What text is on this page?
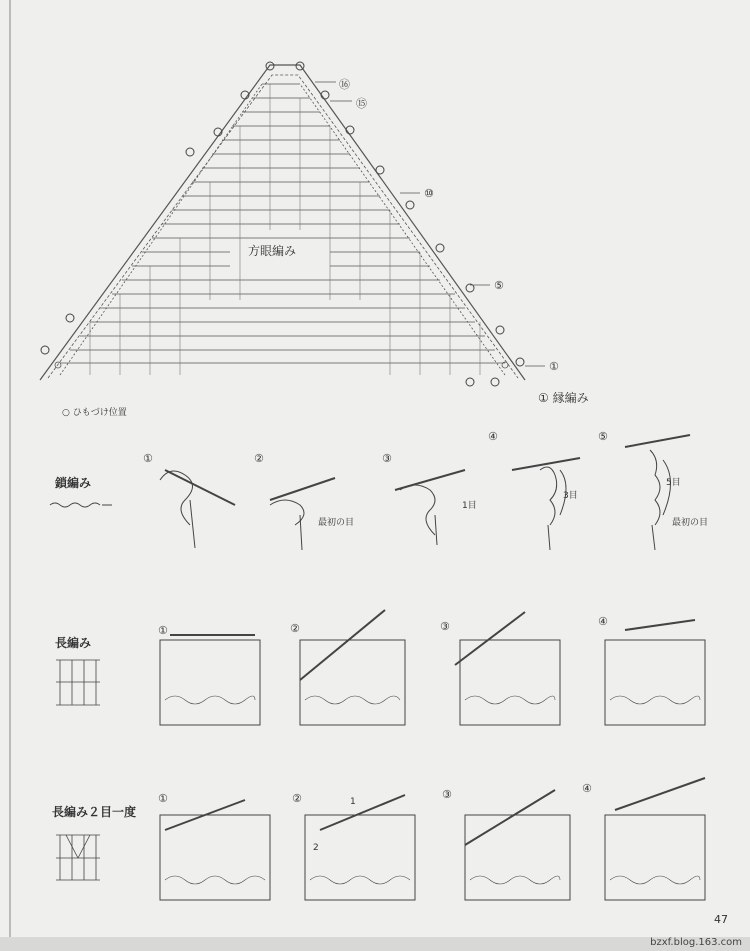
方眼編み
⑯
⑮
⑩
⑤
①
① 縁編み
○ ひもづけ位置
鎖編み
①	②	③
④	⑤
最初の目
1目
3目
5目
最初の目
長編み
①	②	③	④
長編み２目一度
①	②	③	④
1
2
47
bzxf.blog.163.com
